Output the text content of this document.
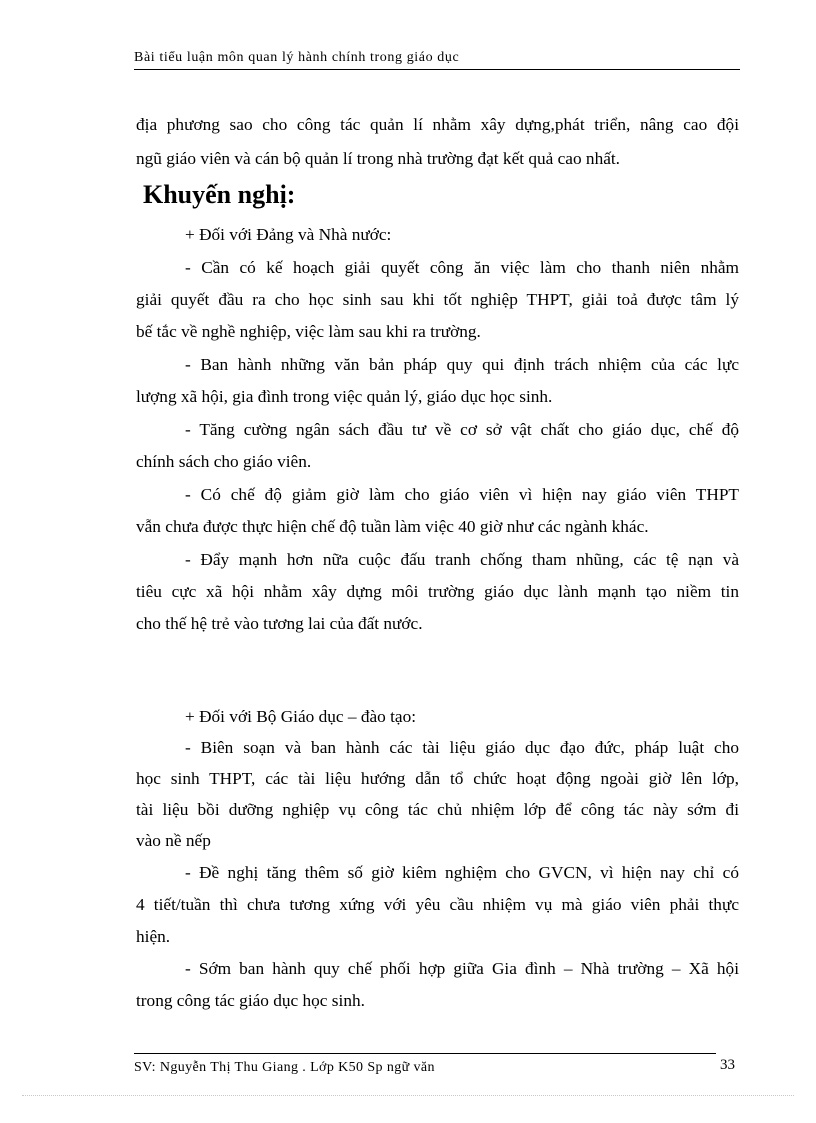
Bài tiểu luận môn quan lý hành chính trong giáo dục
địa phương sao cho công tác quản lí nhằm xây dựng,phát triển, nâng cao đội
ngũ giáo viên và cán bộ quản lí trong nhà trường đạt kết quả cao nhất.
Khuyến nghị:
+ Đối với Đảng và Nhà nước:
- Cần có kế hoạch giải quyết công ăn việc làm cho thanh niên nhằm
giải quyết đầu ra cho học sinh sau khi tốt nghiệp THPT, giải toả được tâm lý
bế tắc về nghề nghiệp, việc làm sau khi ra trường.
- Ban hành những văn bản pháp quy qui định trách nhiệm của các lực
lượng xã hội, gia đình trong việc quản lý, giáo dục học sinh.
- Tăng cường ngân sách đầu tư về cơ sở vật chất cho giáo dục, chế độ
chính sách cho giáo viên.
- Có chế độ giảm giờ làm cho giáo viên vì hiện nay giáo viên THPT
vẫn chưa được thực hiện chế độ tuần làm việc 40 giờ như các ngành khác.
- Đẩy mạnh hơn nữa cuộc đấu tranh chống tham nhũng, các tệ nạn và
tiêu cực xã hội nhằm xây dựng môi trường giáo dục lành mạnh tạo niềm tin
cho thế hệ trẻ vào tương lai của đất nước.
+ Đối với Bộ Giáo dục – đào tạo:
- Biên soạn và ban hành các tài liệu giáo dục đạo đức, pháp luật cho
học sinh THPT, các tài liệu hướng dẫn tổ chức hoạt động ngoài giờ lên lớp,
tài liệu bồi dưỡng nghiệp vụ công tác chủ nhiệm lớp để công tác này sớm đi
vào nề nếp
- Đề nghị tăng thêm số giờ kiêm nghiệm cho GVCN, vì hiện nay chỉ có
4 tiết/tuần thì chưa tương xứng với yêu cầu nhiệm vụ mà giáo viên phải thực
hiện.
- Sớm ban hành quy chế phối hợp giữa Gia đình – Nhà trường – Xã hội
trong công tác giáo dục học sinh.
SV: Nguyễn Thị Thu Giang . Lớp K50 Sp ngữ văn	33
